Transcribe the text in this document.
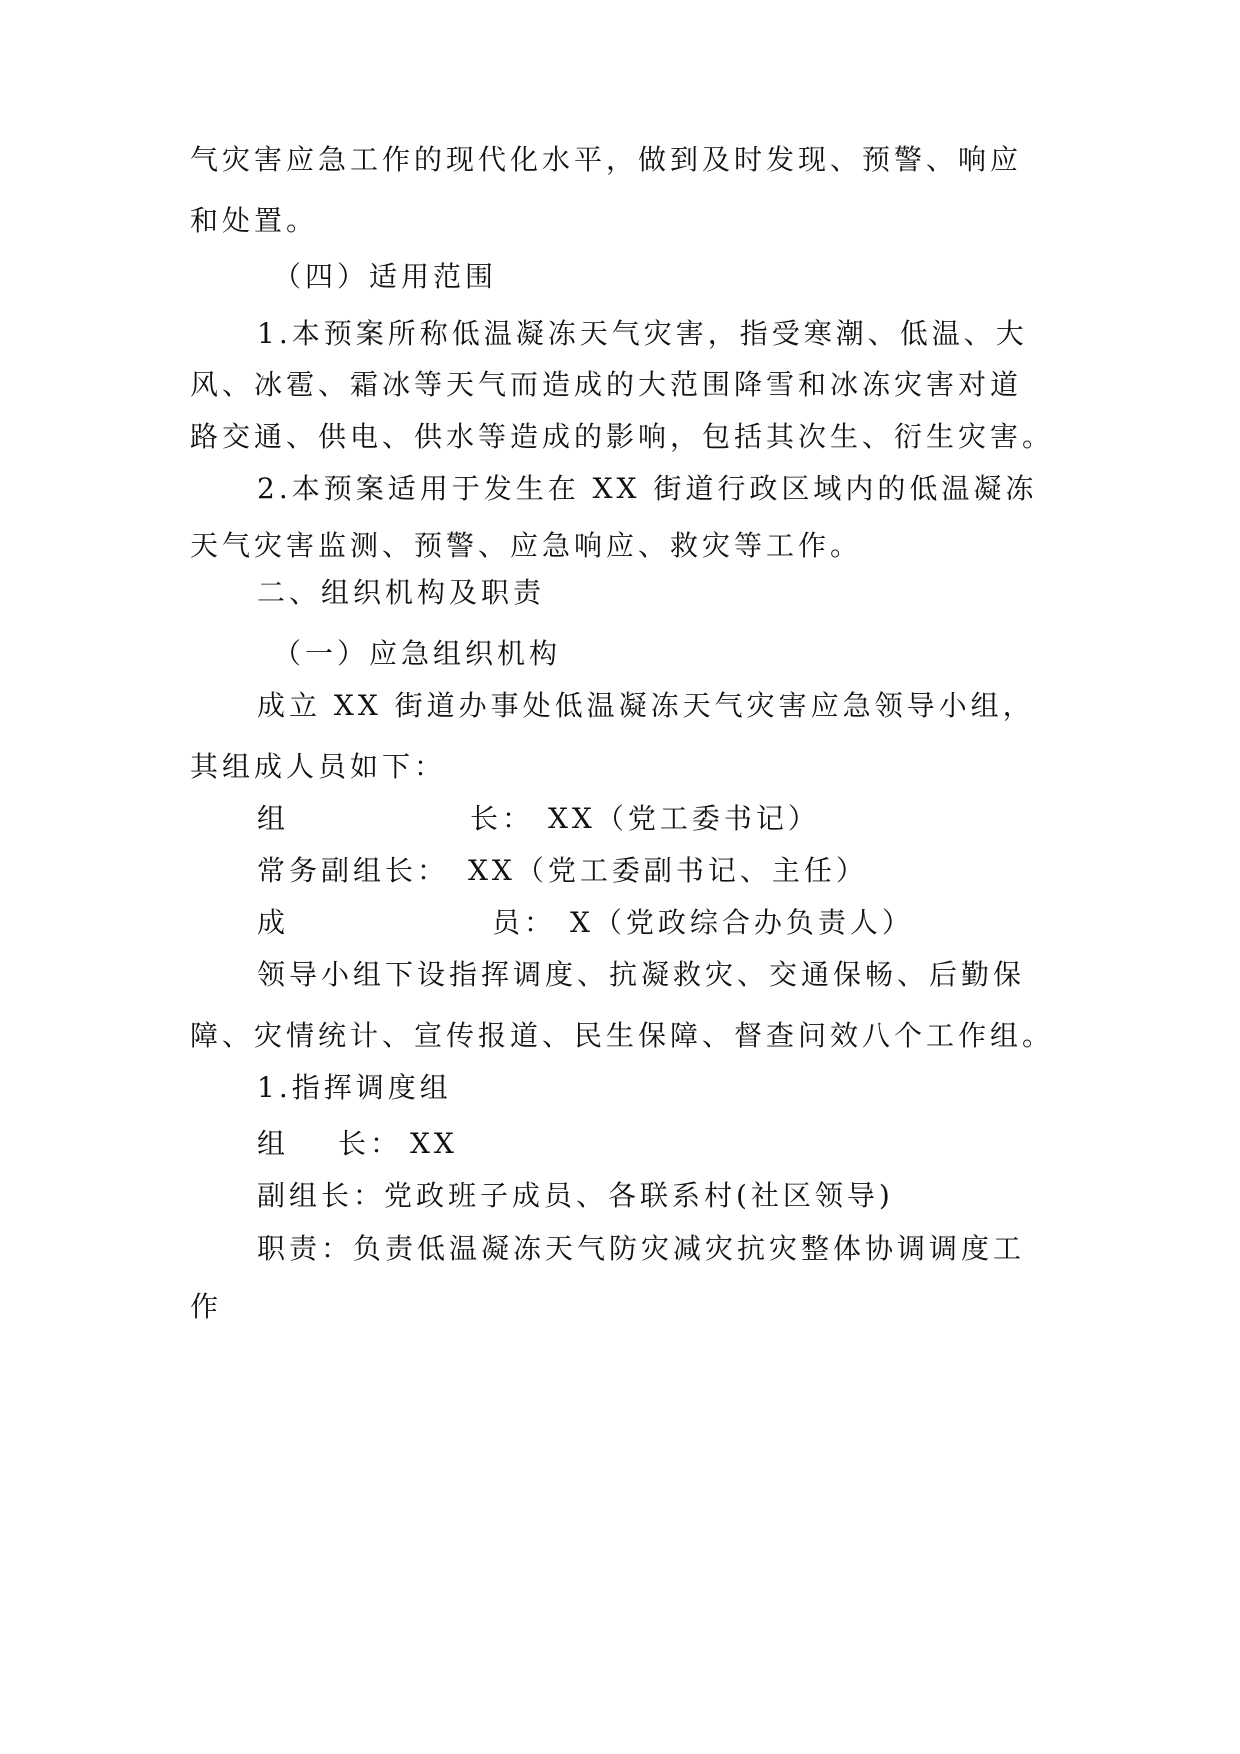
气灾害应急工作的现代化水平，做到及时发现、预警、响应

和处置。

（四）适用范围

1.本预案所称低温凝冻天气灾害，指受寒潮、低温、大

风、冰雹、霜冰等天气而造成的大范围降雪和冰冻灾害对道

路交通、供电、供水等造成的影响，包括其次生、衍生灾害。

2.本预案适用于发生在 XX 街道行政区域内的低温凝冻

天气灾害监测、预警、应急响应、救灾等工作。

二、组织机构及职责

（一）应急组织机构

成立 XX 街道办事处低温凝冻天气灾害应急领导小组，

其组成人员如下：

组	长： XX（党工委书记）
常务副组长： XX（党工委副书记、主任）
成	员： X（党政综合办负责人）

领导小组下设指挥调度、抗凝救灾、交通保畅、后勤保

障、灾情统计、宣传报道、民生保障、督查问效八个工作组。

1.指挥调度组

组 长： XX
副组长：
党政班子成员、各联系村(社区领导)

职责：负责低温凝冻天气防灾减灾抗灾整体协调调度工

作
